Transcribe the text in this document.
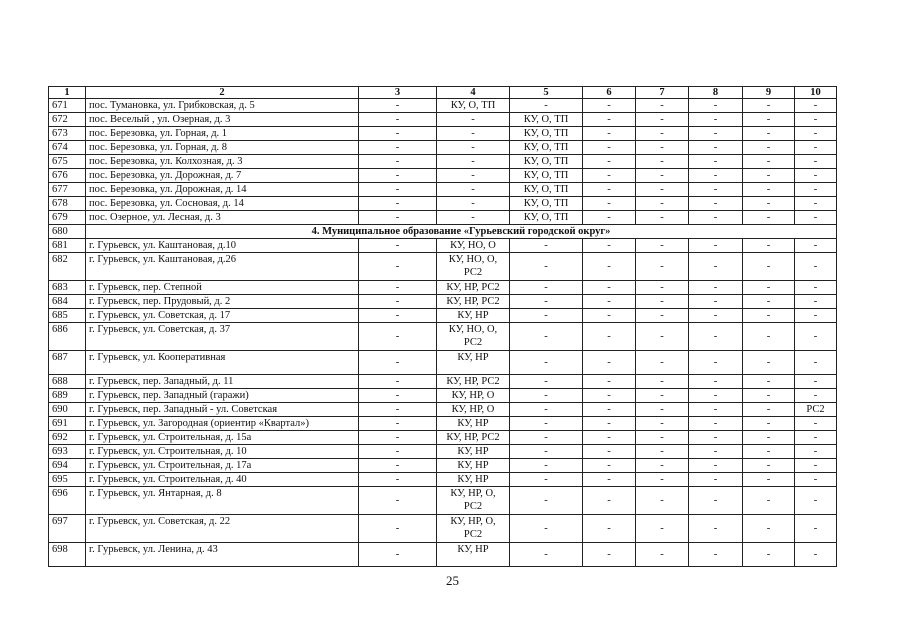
1	2	3	4	5	6	7	8	9	10
671	пос. Тумановка, ул. Грибковская, д. 5	-	КУ, О, ТП	-	-	-	-	-	-
672	пос. Веселый , ул. Озерная, д. 3	-	-	КУ, О, ТП	-	-	-	-	-
673	пос. Березовка, ул. Горная, д. 1	-	-	КУ, О, ТП	-	-	-	-	-
674	пос. Березовка, ул. Горная, д. 8	-	-	КУ, О, ТП	-	-	-	-	-
675	пос. Березовка, ул. Колхозная, д. 3	-	-	КУ, О, ТП	-	-	-	-	-
676	пос. Березовка, ул. Дорожная, д. 7	-	-	КУ, О, ТП	-	-	-	-	-
677	пос. Березовка, ул. Дорожная, д. 14	-	-	КУ, О, ТП	-	-	-	-	-
678	пос. Березовка, ул. Сосновая, д. 14	-	-	КУ, О, ТП	-	-	-	-	-
679	пос. Озерное, ул. Лесная, д. 3	-	-	КУ, О, ТП	-	-	-	-	-
680	4. Муниципальное образование «Гурьевский городской округ»								
681	г. Гурьевск, ул. Каштановая, д.10	-	КУ, НО, О	-	-	-	-	-	-
682	г. Гурьевск, ул. Каштановая, д.26	-	КУ, НО, О, РС2	-	-	-	-	-	-
683	г. Гурьевск, пер. Степной	-	КУ, НР, РС2	-	-	-	-	-	-
684	г. Гурьевск, пер. Прудовый, д. 2	-	КУ, НР, РС2	-	-	-	-	-	-
685	г. Гурьевск, ул. Советская, д. 17	-	КУ, НР	-	-	-	-	-	-
686	г. Гурьевск, ул. Советская, д. 37	-	КУ, НО, О, РС2	-	-	-	-	-	-
687	г. Гурьевск, ул. Кооперативная	-	КУ, НР	-	-	-	-	-	-
688	г. Гурьевск, пер. Западный, д. 11	-	КУ, НР, РС2	-	-	-	-	-	-
689	г. Гурьевск, пер. Западный (гаражи)	-	КУ, НР, О	-	-	-	-	-	-
690	г. Гурьевск, пер. Западный - ул. Советская	-	КУ, НР, О	-	-	-	-	-	РС2
691	г. Гурьевск, ул. Загородная (ориентир «Квартал»)	-	КУ, НР	-	-	-	-	-	-
692	г. Гурьевск, ул. Строительная, д. 15а	-	КУ, НР, РС2	-	-	-	-	-	-
693	г. Гурьевск, ул. Строительная, д. 10	-	КУ, НР	-	-	-	-	-	-
694	г. Гурьевск, ул. Строительная, д. 17а	-	КУ, НР	-	-	-	-	-	-
695	г. Гурьевск, ул. Строительная, д. 40	-	КУ, НР	-	-	-	-	-	-
696	г. Гурьевск, ул. Янтарная, д. 8	-	КУ, НР, О, РС2	-	-	-	-	-	-
697	г. Гурьевск, ул. Советская, д. 22	-	КУ, НР, О, РС2	-	-	-	-	-	-
698	г. Гурьевск, ул. Ленина, д. 43	-	КУ, НР	-	-	-	-	-	-
25
